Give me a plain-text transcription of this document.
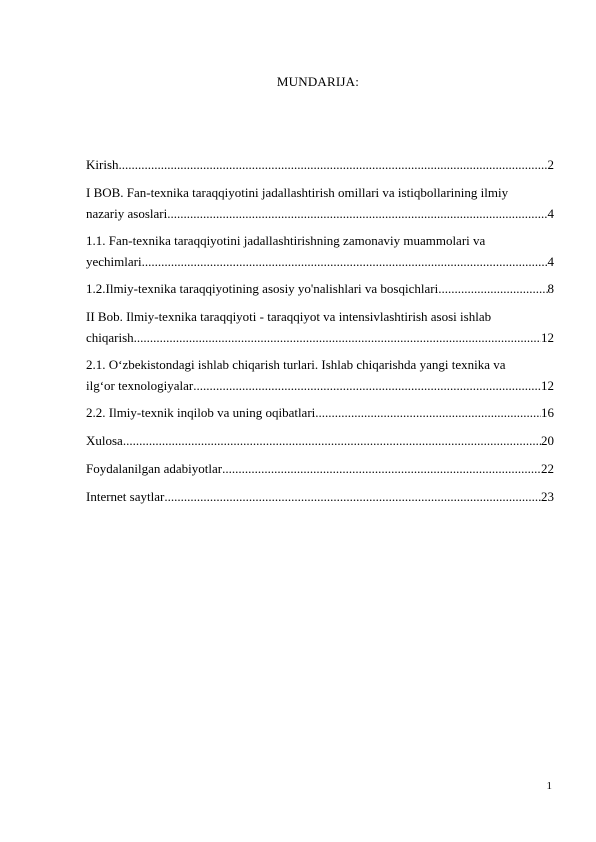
MUNDARIJA:
Kirish .....	2
I BOB. Fan-texnika taraqqiyotini jadallashtirish omillari va istiqbollarining ilmiy
nazariy asoslari .....	4
1.1. Fan-texnika taraqqiyotini jadallashtirishning zamonaviy muammolari va
yechimlari .....	4
1.2.Ilmiy-texnika taraqqiyotining asosiy yo'nalishlari va bosqichlari .....	8
II Bob. Ilmiy-texnika taraqqiyoti - taraqqiyot va intensivlashtirish asosi ishlab
chiqarish .....	12
2.1. O‘zbekistondagi ishlab chiqarish turlari. Ishlab chiqarishda yangi texnika va
ilg‘or texnologiyalar .....	12
2.2. Ilmiy-texnik inqilob va uning oqibatlari .....	16
Xulosa .....	20
Foydalanilgan adabiyotlar .....	22
Internet saytlar .....	23
1
